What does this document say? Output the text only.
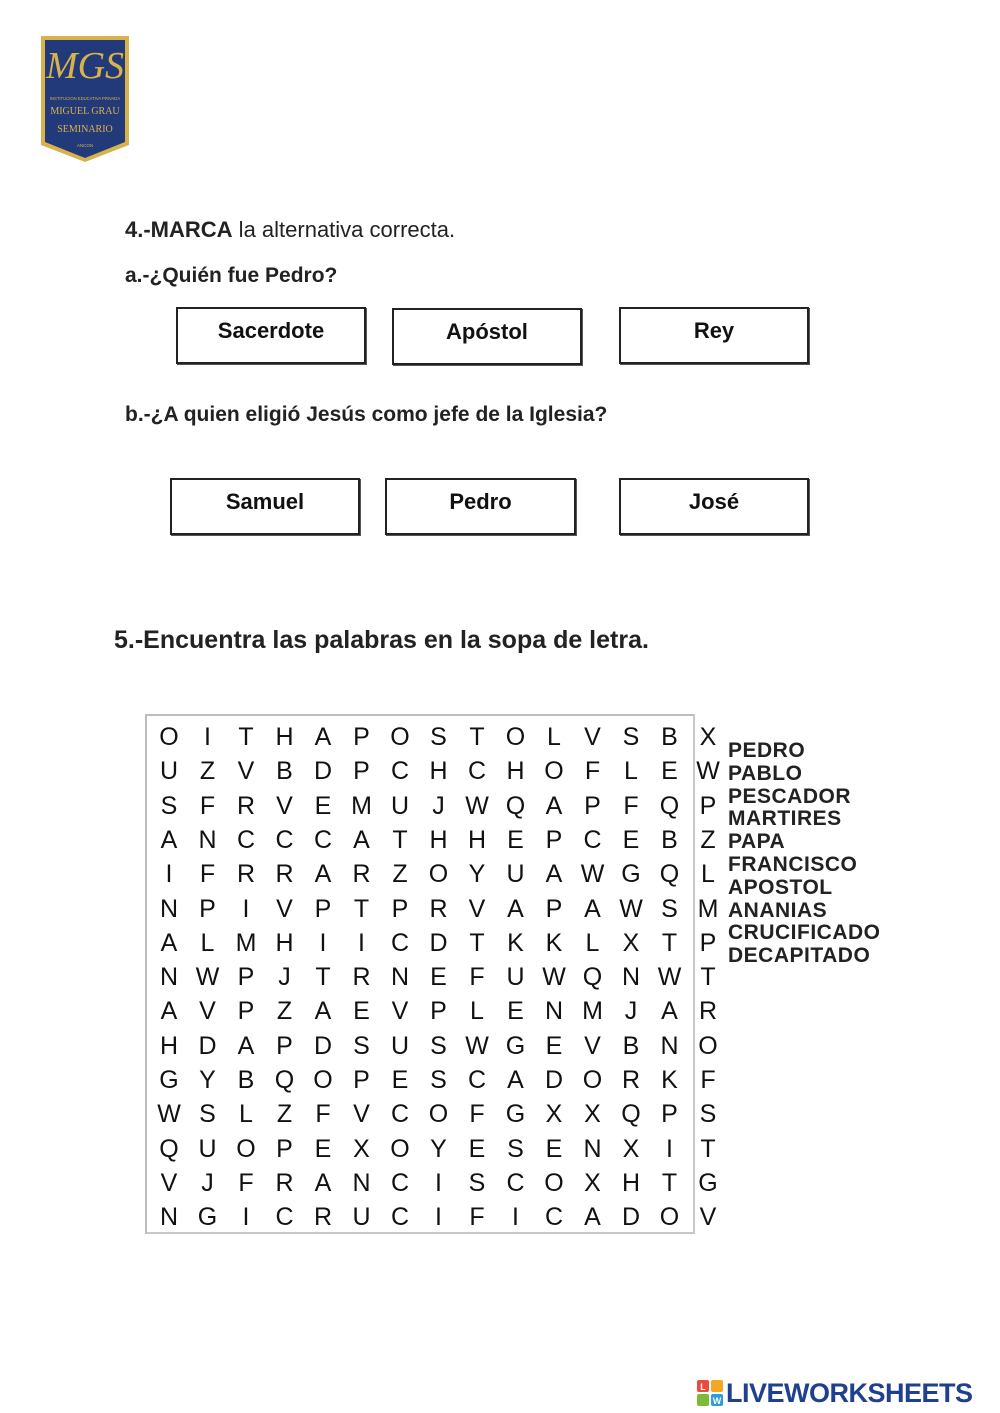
MGS
INSTITUCION EDUCATIVA PRIVADA
MIGUEL GRAU
SEMINARIO
ANCON
4.-MARCA la alternativa correcta.
a.-¿Quién fue Pedro?
Sacerdote	Apóstol	Rey
b.-¿A quien eligió Jesús como jefe de la Iglesia?
Samuel	Pedro	José
5.-Encuentra las palabras en la sopa de letra.
O	I	T H A P O S T O L V S B X
U Z V B D P C H C H O F L E W
S F R V E M U J W Q A P F Q P
A N C C C A T H H E P C E B Z
I	F R R A R Z O Y U A W G Q L
N P	I	V P T P R V A P A W S M
A L M H	I	I	C D T K K L X T P
N W P J T R N E F U W Q N W T
A V P Z A E V P L E N M J A R
H D A P D S U S W G E V B N O
G Y B Q O P E S C A D O R K F
W S L Z F V C O F G X X Q P S
Q U O P E X O Y E S E N X	I	T
V J F R A N C	I	S C O X H T G
N G	I	C R U C	I	F	I	C A D O V
PEDRO
PABLO
PESCADOR
MARTIRES
PAPA
FRANCISCO
APOSTOL
ANANIAS
CRUCIFICADO
DECAPITADO
L
W LIVEWORKSHEETS
